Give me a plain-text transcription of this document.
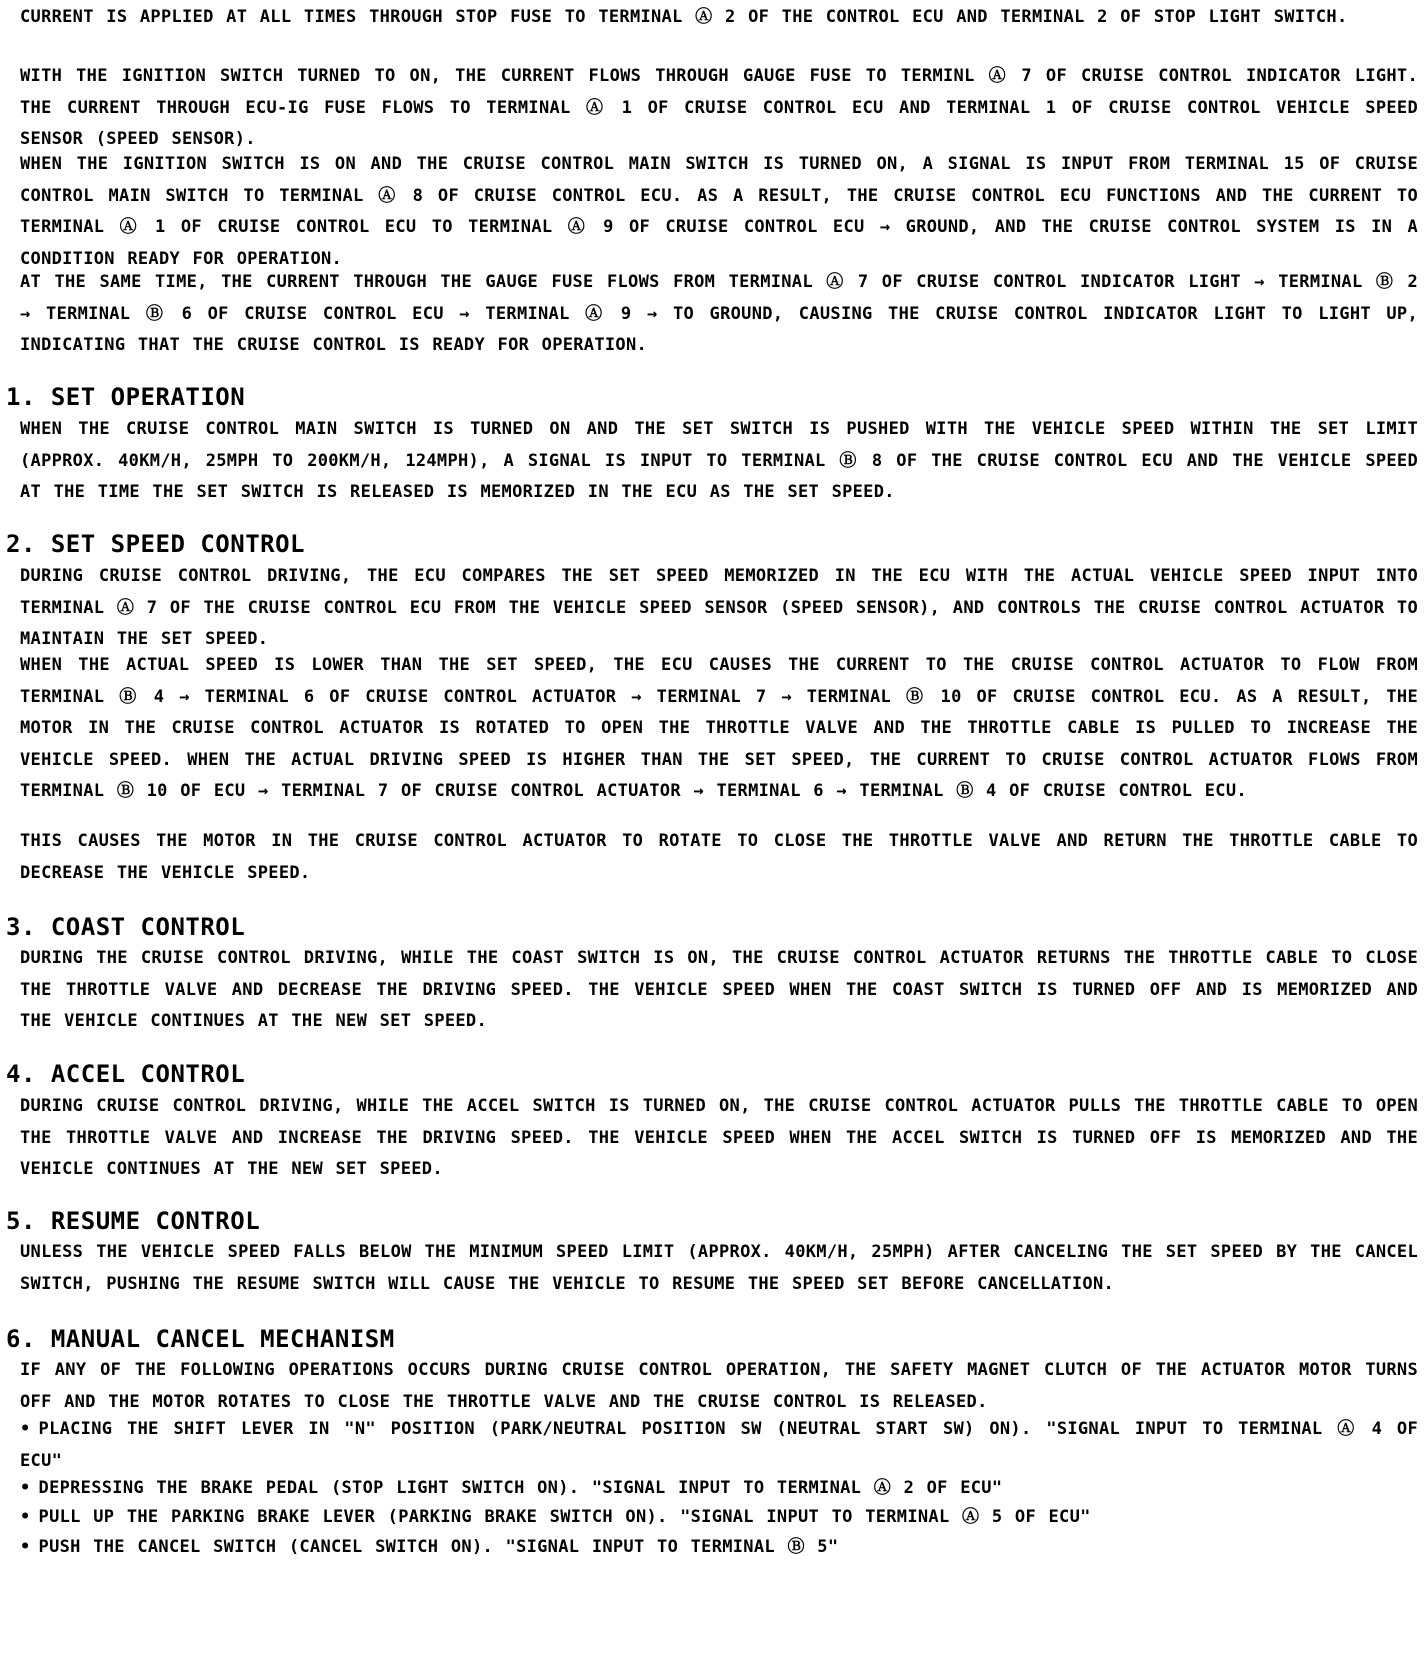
CURRENT IS APPLIED AT ALL TIMES THROUGH STOP FUSE TO TERMINAL Ⓐ 2 OF THE CONTROL ECU AND TERMINAL 2 OF STOP LIGHT SWITCH.
WITH THE IGNITION SWITCH TURNED TO ON, THE CURRENT FLOWS THROUGH GAUGE FUSE TO TERMINL Ⓐ 7 OF CRUISE CONTROL INDICATOR LIGHT. THE CURRENT THROUGH ECU-IG FUSE FLOWS TO TERMINAL Ⓐ 1 OF CRUISE CONTROL ECU AND TERMINAL 1 OF CRUISE CONTROL VEHICLE SPEED SENSOR (SPEED SENSOR).
WHEN THE IGNITION SWITCH IS ON AND THE CRUISE CONTROL MAIN SWITCH IS TURNED ON, A SIGNAL IS INPUT FROM TERMINAL 15 OF CRUISE CONTROL MAIN SWITCH TO TERMINAL Ⓐ 8 OF CRUISE CONTROL ECU. AS A RESULT, THE CRUISE CONTROL ECU FUNCTIONS AND THE CURRENT TO TERMINAL Ⓐ 1 OF CRUISE CONTROL ECU TO TERMINAL Ⓐ 9 OF CRUISE CONTROL ECU → GROUND, AND THE CRUISE CONTROL SYSTEM IS IN A CONDITION READY FOR OPERATION.
AT THE SAME TIME, THE CURRENT THROUGH THE GAUGE FUSE FLOWS FROM TERMINAL Ⓐ 7 OF CRUISE CONTROL INDICATOR LIGHT → TERMINAL Ⓑ 2 → TERMINAL Ⓑ 6 OF CRUISE CONTROL ECU → TERMINAL Ⓐ 9 → TO GROUND, CAUSING THE CRUISE CONTROL INDICATOR LIGHT TO LIGHT UP, INDICATING THAT THE CRUISE CONTROL IS READY FOR OPERATION.
1. SET OPERATION
WHEN THE CRUISE CONTROL MAIN SWITCH IS TURNED ON AND THE SET SWITCH IS PUSHED WITH THE VEHICLE SPEED WITHIN THE SET LIMIT (APPROX. 40KM/H, 25MPH TO 200KM/H, 124MPH), A SIGNAL IS INPUT TO TERMINAL Ⓑ 8 OF THE CRUISE CONTROL ECU AND THE VEHICLE SPEED AT THE TIME THE SET SWITCH IS RELEASED IS MEMORIZED IN THE ECU AS THE SET SPEED.
2. SET SPEED CONTROL
DURING CRUISE CONTROL DRIVING, THE ECU COMPARES THE SET SPEED MEMORIZED IN THE ECU WITH THE ACTUAL VEHICLE SPEED INPUT INTO TERMINAL Ⓐ 7 OF THE CRUISE CONTROL ECU FROM THE VEHICLE SPEED SENSOR (SPEED SENSOR), AND CONTROLS THE CRUISE CONTROL ACTUATOR TO MAINTAIN THE SET SPEED.
WHEN THE ACTUAL SPEED IS LOWER THAN THE SET SPEED, THE ECU CAUSES THE CURRENT TO THE CRUISE CONTROL ACTUATOR TO FLOW FROM TERMINAL Ⓑ 4 → TERMINAL 6 OF CRUISE CONTROL ACTUATOR → TERMINAL 7 → TERMINAL Ⓑ 10 OF CRUISE CONTROL ECU. AS A RESULT, THE MOTOR IN THE CRUISE CONTROL ACTUATOR IS ROTATED TO OPEN THE THROTTLE VALVE AND THE THROTTLE CABLE IS PULLED TO INCREASE THE VEHICLE SPEED. WHEN THE ACTUAL DRIVING SPEED IS HIGHER THAN THE SET SPEED, THE CURRENT TO CRUISE CONTROL ACTUATOR FLOWS FROM TERMINAL Ⓑ 10 OF ECU → TERMINAL 7 OF CRUISE CONTROL ACTUATOR → TERMINAL 6 → TERMINAL Ⓑ 4 OF CRUISE CONTROL ECU.
THIS CAUSES THE MOTOR IN THE CRUISE CONTROL ACTUATOR TO ROTATE TO CLOSE THE THROTTLE VALVE AND RETURN THE THROTTLE CABLE TO DECREASE THE VEHICLE SPEED.
3. COAST CONTROL
DURING THE CRUISE CONTROL DRIVING, WHILE THE COAST SWITCH IS ON, THE CRUISE CONTROL ACTUATOR RETURNS THE THROTTLE CABLE TO CLOSE THE THROTTLE VALVE AND DECREASE THE DRIVING SPEED. THE VEHICLE SPEED WHEN THE COAST SWITCH IS TURNED OFF AND IS MEMORIZED AND THE VEHICLE CONTINUES AT THE NEW SET SPEED.
4. ACCEL CONTROL
DURING CRUISE CONTROL DRIVING, WHILE THE ACCEL SWITCH IS TURNED ON, THE CRUISE CONTROL ACTUATOR PULLS THE THROTTLE CABLE TO OPEN THE THROTTLE VALVE AND INCREASE THE DRIVING SPEED. THE VEHICLE SPEED WHEN THE ACCEL SWITCH IS TURNED OFF IS MEMORIZED AND THE VEHICLE CONTINUES AT THE NEW SET SPEED.
5. RESUME CONTROL
UNLESS THE VEHICLE SPEED FALLS BELOW THE MINIMUM SPEED LIMIT (APPROX. 40KM/H, 25MPH) AFTER CANCELING THE SET SPEED BY THE CANCEL SWITCH, PUSHING THE RESUME SWITCH WILL CAUSE THE VEHICLE TO RESUME THE SPEED SET BEFORE CANCELLATION.
6. MANUAL CANCEL MECHANISM
IF ANY OF THE FOLLOWING OPERATIONS OCCURS DURING CRUISE CONTROL OPERATION, THE SAFETY MAGNET CLUTCH OF THE ACTUATOR MOTOR TURNS OFF AND THE MOTOR ROTATES TO CLOSE THE THROTTLE VALVE AND THE CRUISE CONTROL IS RELEASED.
• PLACING THE SHIFT LEVER IN "N" POSITION (PARK/NEUTRAL POSITION SW (NEUTRAL START SW) ON). "SIGNAL INPUT TO TERMINAL Ⓐ 4 OF ECU"
• DEPRESSING THE BRAKE PEDAL (STOP LIGHT SWITCH ON). "SIGNAL INPUT TO TERMINAL Ⓐ 2 OF ECU"
• PULL UP THE PARKING BRAKE LEVER (PARKING BRAKE SWITCH ON). "SIGNAL INPUT TO TERMINAL Ⓐ 5 OF ECU"
• PUSH THE CANCEL SWITCH (CANCEL SWITCH ON). "SIGNAL INPUT TO TERMINAL Ⓑ 5"
